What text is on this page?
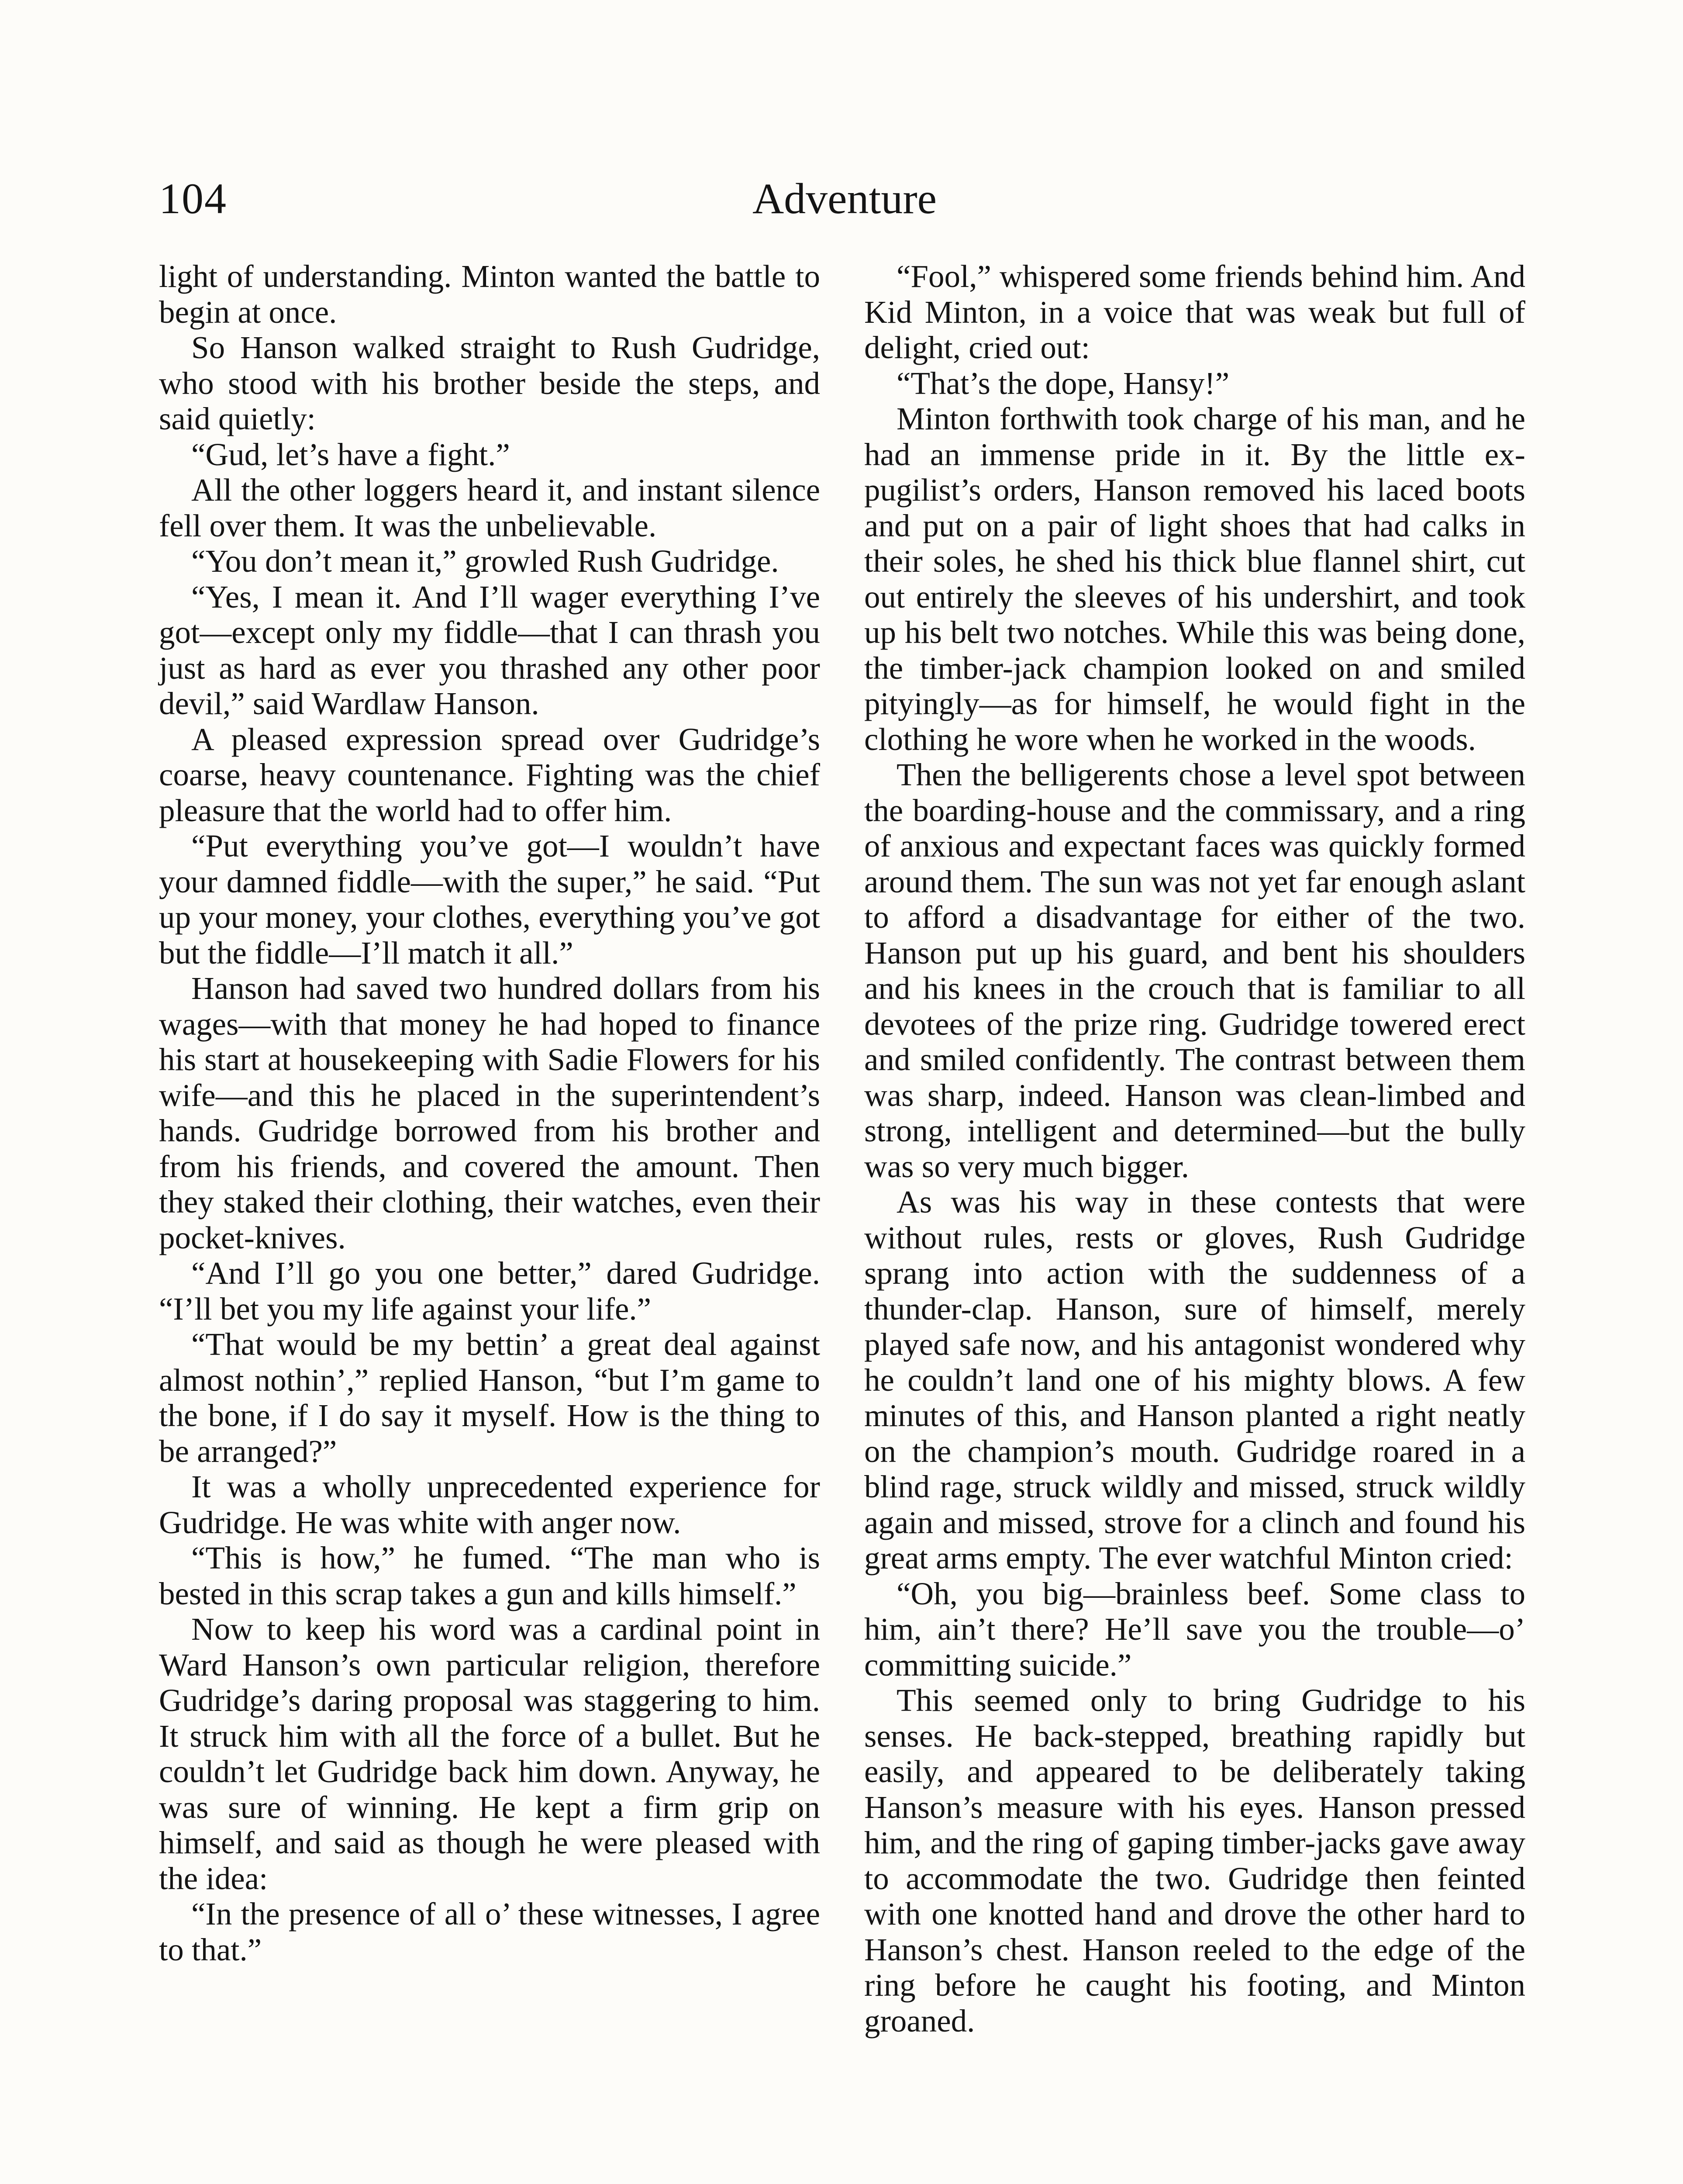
104	Adventure

light of understanding. Minton wanted the battle to begin at once.

So Hanson walked straight to Rush Gudridge, who stood with his brother beside the steps, and said quietly:

“Gud, let’s have a fight.”

All the other loggers heard it, and instant silence fell over them. It was the unbelievable.

“You don’t mean it,” growled Rush Gudridge.

“Yes, I mean it. And I’ll wager everything I’ve got—except only my fiddle—that I can thrash you just as hard as ever you thrashed any other poor devil,” said Wardlaw Hanson.

A pleased expression spread over Gudridge’s coarse, heavy countenance. Fighting was the chief pleasure that the world had to offer him.

“Put everything you’ve got—I wouldn’t have your damned fiddle—with the super,” he said. “Put up your money, your clothes, everything you’ve got but the fiddle—I’ll match it all.”

Hanson had saved two hundred dollars from his wages—with that money he had hoped to finance his start at housekeeping with Sadie Flowers for his wife—and this he placed in the superintendent’s hands. Gudridge borrowed from his brother and from his friends, and covered the amount. Then they staked their clothing, their watches, even their pocket-knives.

“And I’ll go you one better,” dared Gudridge. “I’ll bet you my life against your life.”

“That would be my bettin’ a great deal against almost nothin’,” replied Hanson, “but I’m game to the bone, if I do say it myself. How is the thing to be arranged?”

It was a wholly unprecedented experience for Gudridge. He was white with anger now.

“This is how,” he fumed. “The man who is bested in this scrap takes a gun and kills himself.”

Now to keep his word was a cardinal point in Ward Hanson’s own particular religion, therefore Gudridge’s daring proposal was staggering to him. It struck him with all the force of a bullet. But he couldn’t let Gudridge back him down. Anyway, he was sure of winning. He kept a firm grip on himself, and said as though he were pleased with the idea:

“In the presence of all o’ these witnesses, I agree to that.”

“Fool,” whispered some friends behind him. And Kid Minton, in a voice that was weak but full of delight, cried out:

“That’s the dope, Hansy!”

Minton forthwith took charge of his man, and he had an immense pride in it. By the little ex-pugilist’s orders, Hanson removed his laced boots and put on a pair of light shoes that had calks in their soles, he shed his thick blue flannel shirt, cut out entirely the sleeves of his undershirt, and took up his belt two notches. While this was being done, the timber-jack champion looked on and smiled pityingly—as for himself, he would fight in the clothing he wore when he worked in the woods.

Then the belligerents chose a level spot between the boarding-house and the commissary, and a ring of anxious and expectant faces was quickly formed around them. The sun was not yet far enough aslant to afford a disadvantage for either of the two. Hanson put up his guard, and bent his shoulders and his knees in the crouch that is familiar to all devotees of the prize ring. Gudridge towered erect and smiled confidently. The contrast between them was sharp, indeed. Hanson was clean-limbed and strong, intelligent and determined—but the bully was so very much bigger.

As was his way in these contests that were without rules, rests or gloves, Rush Gudridge sprang into action with the suddenness of a thunder-clap. Hanson, sure of himself, merely played safe now, and his antagonist wondered why he couldn’t land one of his mighty blows. A few minutes of this, and Hanson planted a right neatly on the champion’s mouth. Gudridge roared in a blind rage, struck wildly and missed, struck wildly again and missed, strove for a clinch and found his great arms empty. The ever watchful Minton cried:

“Oh, you big—brainless beef. Some class to him, ain’t there? He’ll save you the trouble—o’ committing suicide.”

This seemed only to bring Gudridge to his senses. He back-stepped, breathing rapidly but easily, and appeared to be deliberately taking Hanson’s measure with his eyes. Hanson pressed him, and the ring of gaping timber-jacks gave away to accommodate the two. Gudridge then feinted with one knotted hand and drove the other hard to Hanson’s chest. Hanson reeled to the edge of the ring before he caught his footing, and Minton groaned.
